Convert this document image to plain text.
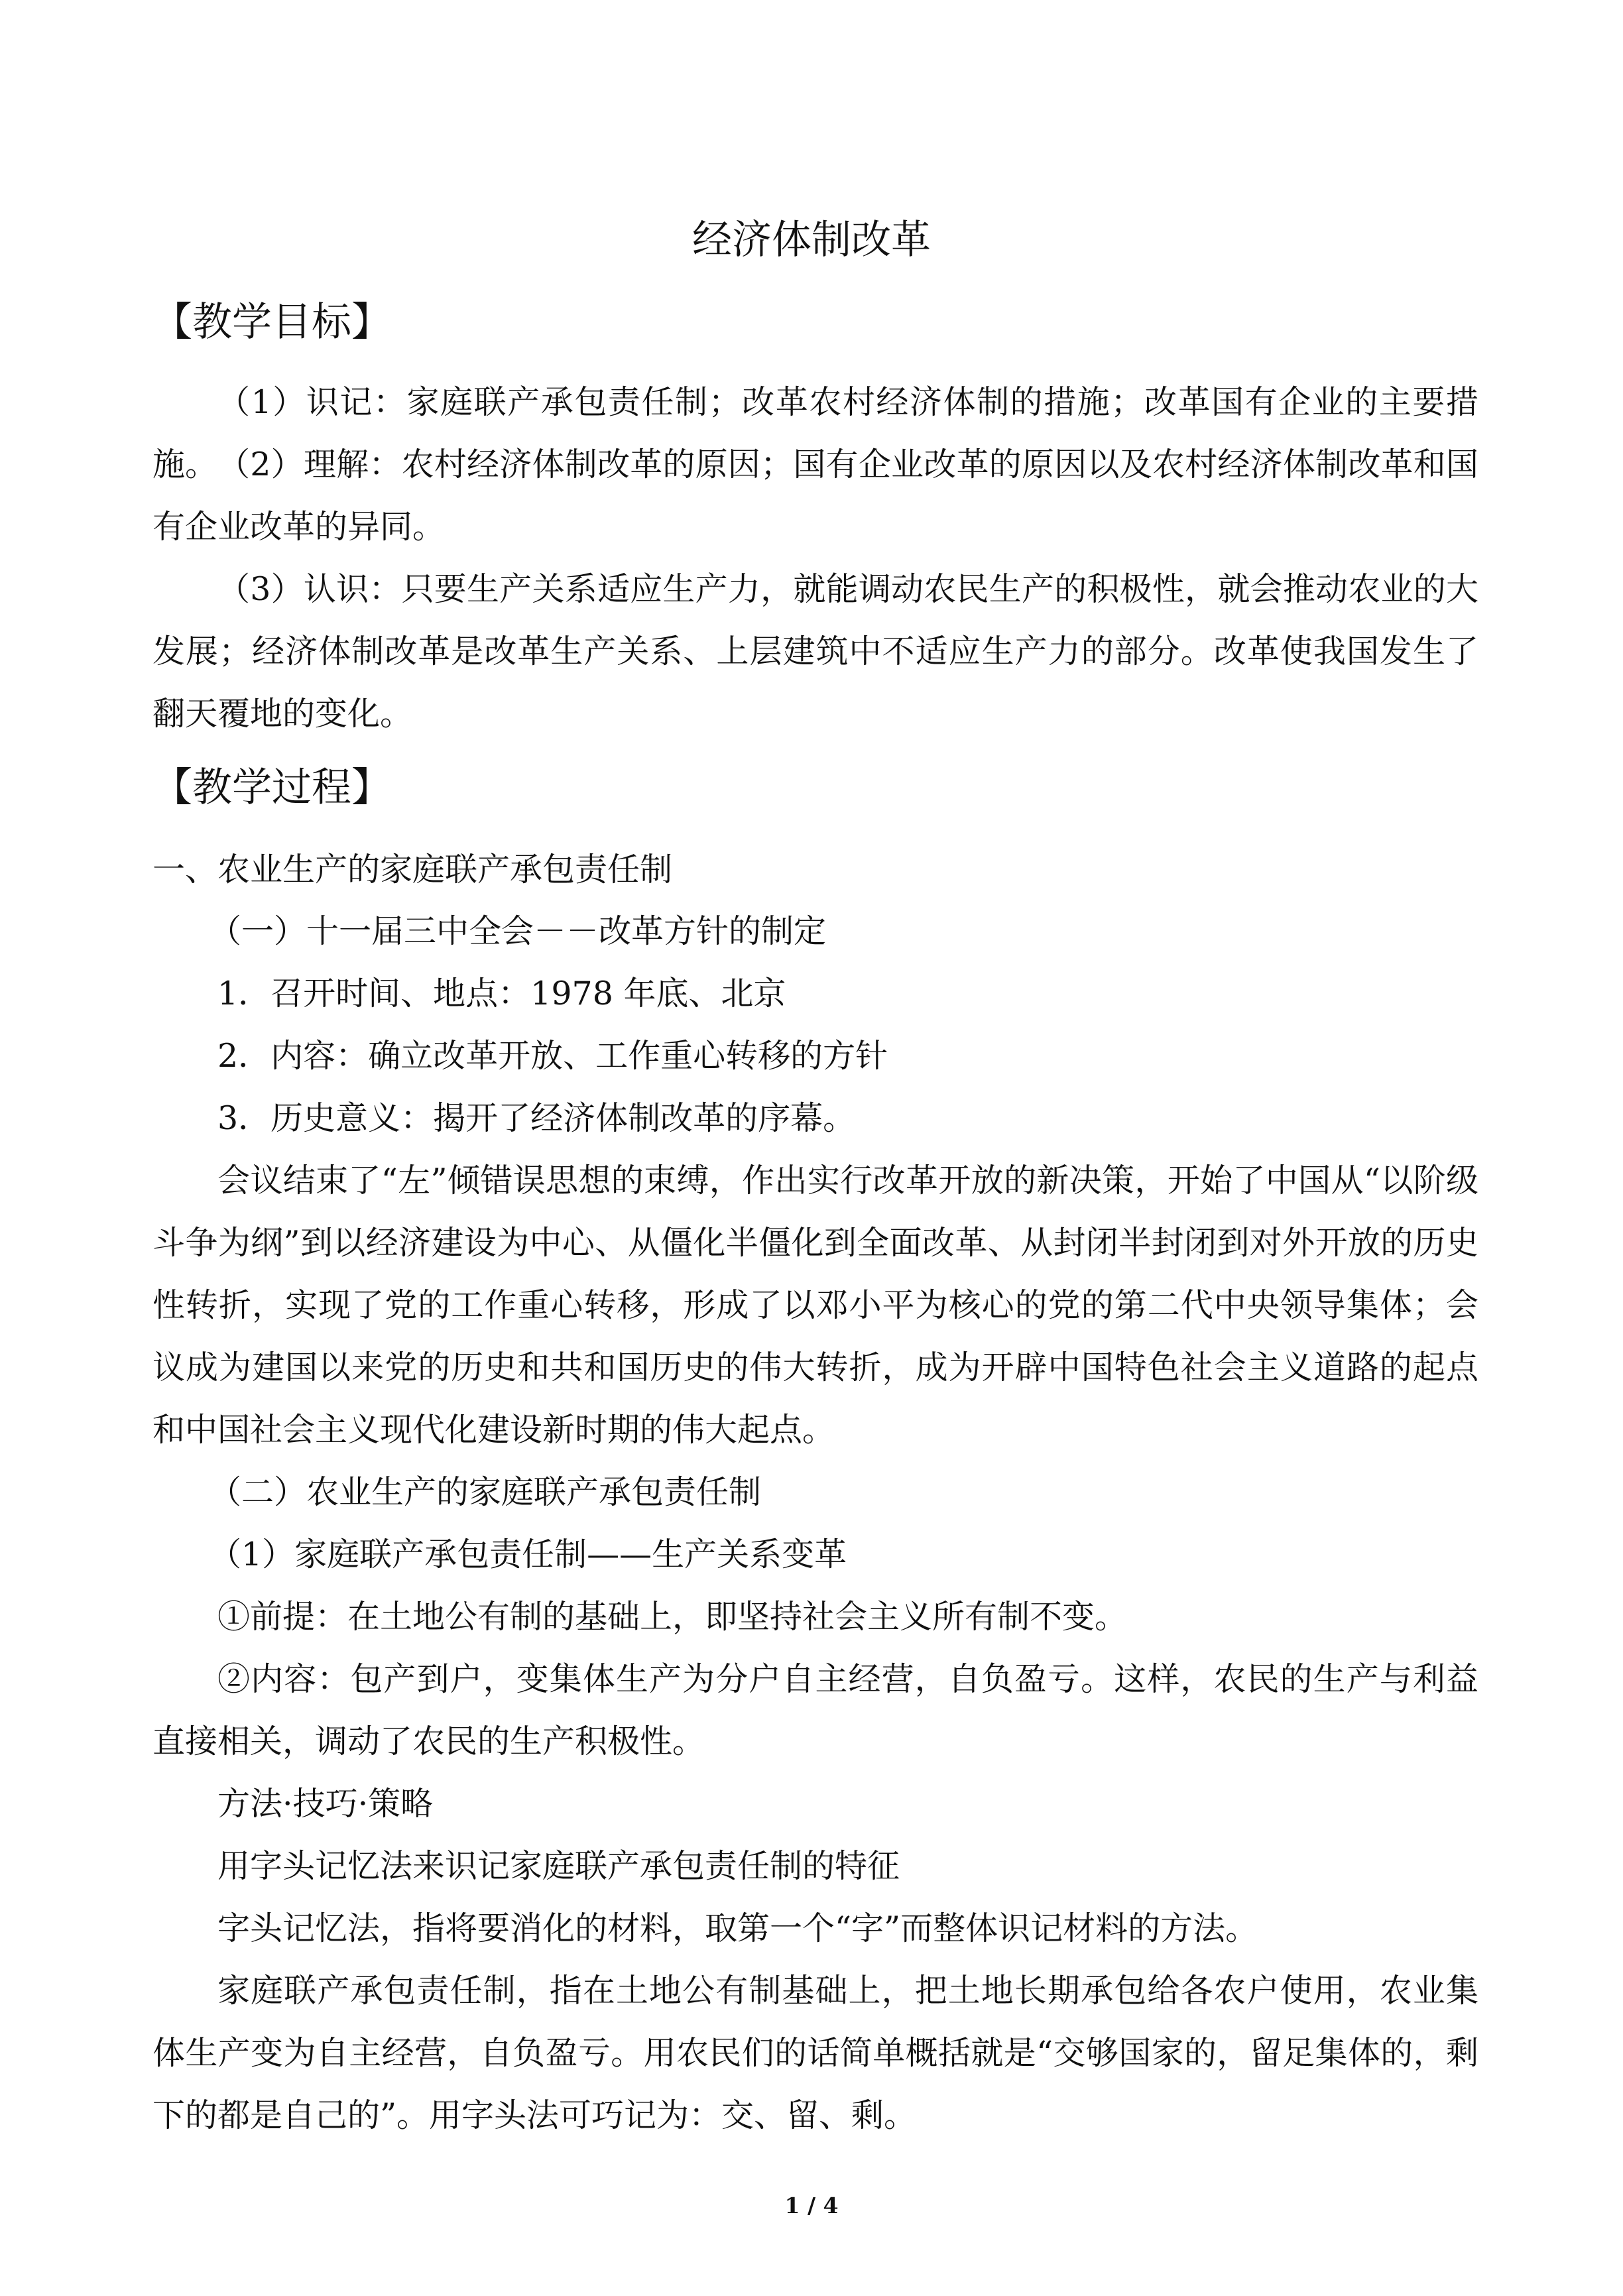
经济体制改革
【教学目标】
（1）识记：家庭联产承包责任制；改革农村经济体制的措施；改革国有企业的主要措施。 （2）理解：农村经济体制改革的原因；国有企业改革的原因以及农村经济体制改革和国有企业改革的异同。
（3）认识：只要生产关系适应生产力，就能调动农民生产的积极性，就会推动农业的大发展；经济体制改革是改革生产关系、上层建筑中不适应生产力的部分。改革使我国发生了翻天覆地的变化。
【教学过程】
一、农业生产的家庭联产承包责任制
（一）十一届三中全会－－改革方针的制定
1．召开时间、地点：1978 年底、北京
2．内容：确立改革开放、工作重心转移的方针
3．历史意义：揭开了经济体制改革的序幕。
会议结束了“左”倾错误思想的束缚，作出实行改革开放的新决策，开始了中国从“以阶级斗争为纲”到以经济建设为中心、从僵化半僵化到全面改革、从封闭半封闭到对外开放的历史性转折，实现了党的工作重心转移，形成了以邓小平为核心的党的第二代中央领导集体；会议成为建国以来党的历史和共和国历史的伟大转折，成为开辟中国特色社会主义道路的起点和中国社会主义现代化建设新时期的伟大起点。
（二）农业生产的家庭联产承包责任制
（1）家庭联产承包责任制——生产关系变革
①前提：在土地公有制的基础上，即坚持社会主义所有制不变。
②内容：包产到户，变集体生产为分户自主经营，自负盈亏。这样，农民的生产与利益直接相关，调动了农民的生产积极性。
方法·技巧·策略
用字头记忆法来识记家庭联产承包责任制的特征
字头记忆法，指将要消化的材料，取第一个“字”而整体识记材料的方法。
家庭联产承包责任制，指在土地公有制基础上，把土地长期承包给各农户使用，农业集体生产变为自主经营，自负盈亏。用农民们的话简单概括就是“交够国家的，留足集体的，剩下的都是自己的”。用字头法可巧记为：交、留、剩。
1 / 4
